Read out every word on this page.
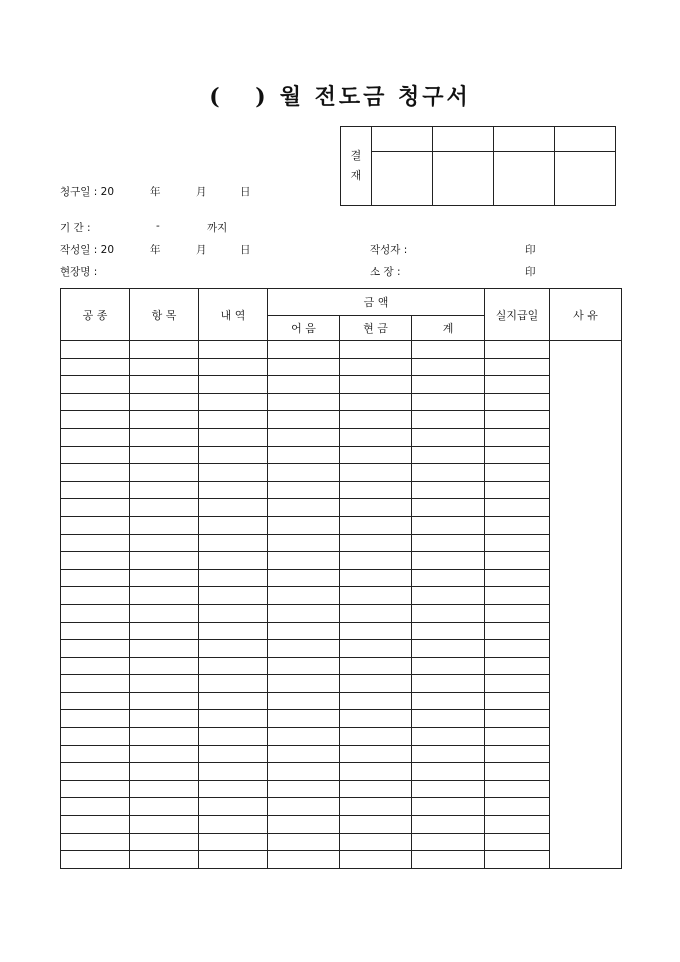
( )월 전도금 청구서
결
재				

청구일 : 20	年	月	日
기 간 :	-	까지
작성일 : 20	年	月	日	작성자 :	印
현장명 :	소 장 :	印
공 종	항 목	내 역	금 액			실지급일	사 유
			어 음	현 금	계		
